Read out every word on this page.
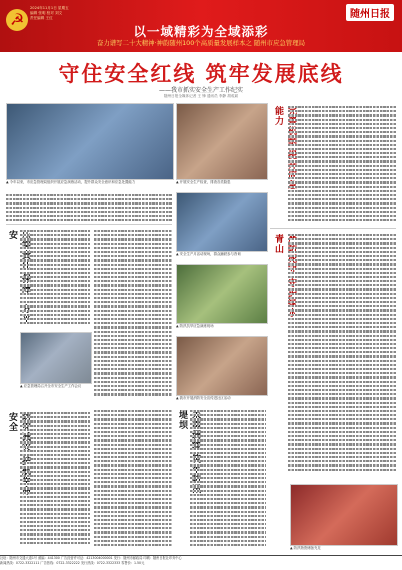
☭
2024年11月1日 星期五
编辑 张明 校对 刘文
责任编辑 王红	随州日报
以一域精彩为全域添彩
奋力谱写二十大精神·神韵随州100个高质量发展样本之 随州市应急管理局
守住安全红线 筑牢发展底线
——我市抓实安全生产工作纪实
随州日报全媒体记者 王 锋 通讯员 李静 胡成斌
▲ 今年以来，市应急管理局组织开展应急演练活动，提升群众安全意识和应急处置能力	▲ 开展安全生产检查，排查各类隐患
提 能力
保 安
▲ 应急管理局召开全市安全生产工作会议
护 安全
▲ 安全生产月活动现场，群众踊跃参与咨询
▲ 防汛抗旱应急演练现场
▲ 我市开展消防安全宣传进社区活动
筑 堤坝
守 青山
▲ 防汛物资储备充足
社址：随州市交通大道1号 邮编：441300 广告经营许可证：4213004000001 发行：随州市邮政局 印刷：随州日报社印务中心
新闻热线：0722-3322111 广告热线：0722-3322222 发行热线：0722-3322333 零售价：1.50元
